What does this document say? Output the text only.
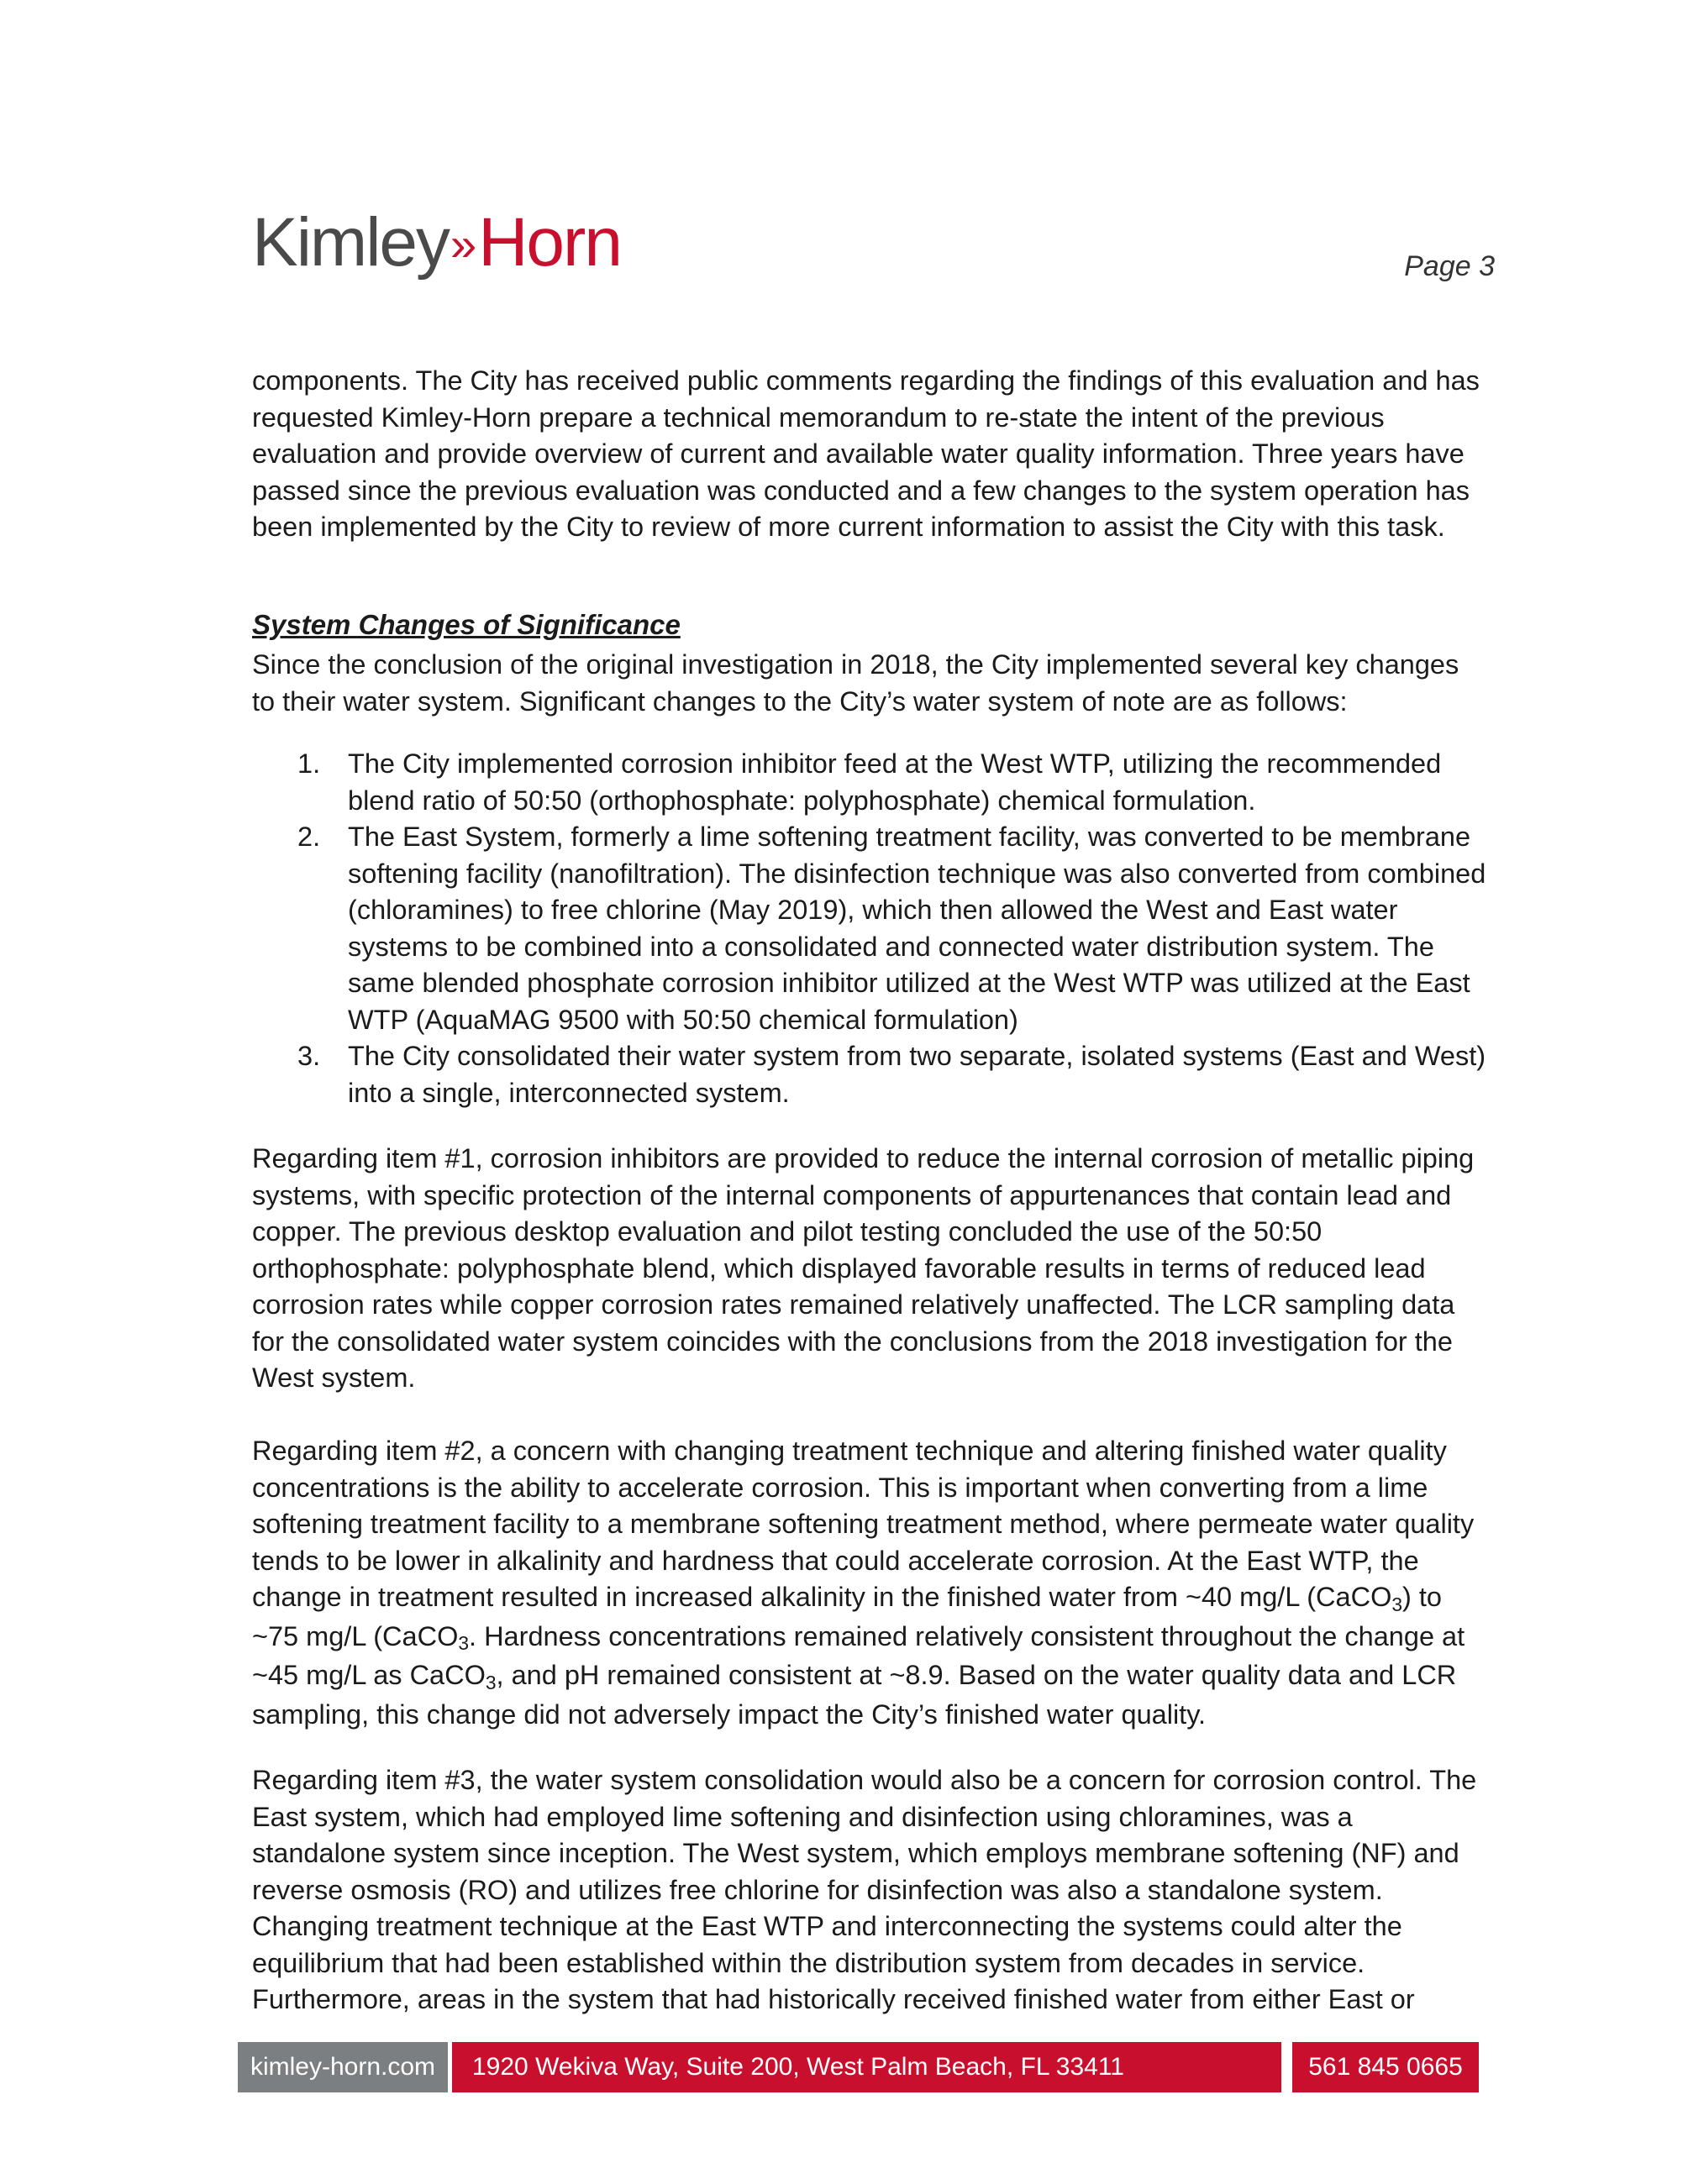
Kimley» Horn	Page 3

components. The City has received public comments regarding the findings of this evaluation and has requested Kimley-Horn prepare a technical memorandum to re-state the intent of the previous evaluation and provide overview of current and available water quality information. Three years have passed since the previous evaluation was conducted and a few changes to the system operation has been implemented by the City to review of more current information to assist the City with this task.

System Changes of Significance

Since the conclusion of the original investigation in 2018, the City implemented several key changes to their water system. Significant changes to the City’s water system of note are as follows:

1. The City implemented corrosion inhibitor feed at the West WTP, utilizing the recommended blend ratio of 50:50 (orthophosphate: polyphosphate) chemical formulation.
2. The East System, formerly a lime softening treatment facility, was converted to be membrane softening facility (nanofiltration). The disinfection technique was also converted from combined (chloramines) to free chlorine (May 2019), which then allowed the West and East water systems to be combined into a consolidated and connected water distribution system. The same blended phosphate corrosion inhibitor utilized at the West WTP was utilized at the East WTP (AquaMAG 9500 with 50:50 chemical formulation)
3. The City consolidated their water system from two separate, isolated systems (East and West) into a single, interconnected system.

Regarding item #1, corrosion inhibitors are provided to reduce the internal corrosion of metallic piping systems, with specific protection of the internal components of appurtenances that contain lead and copper. The previous desktop evaluation and pilot testing concluded the use of the 50:50 orthophosphate: polyphosphate blend, which displayed favorable results in terms of reduced lead corrosion rates while copper corrosion rates remained relatively unaffected. The LCR sampling data for the consolidated water system coincides with the conclusions from the 2018 investigation for the West system.

Regarding item #2, a concern with changing treatment technique and altering finished water quality concentrations is the ability to accelerate corrosion. This is important when converting from a lime softening treatment facility to a membrane softening treatment method, where permeate water quality tends to be lower in alkalinity and hardness that could accelerate corrosion. At the East WTP, the change in treatment resulted in increased alkalinity in the finished water from ~40 mg/L (CaCO$_3$) to ~75 mg/L (CaCO$_3$. Hardness concentrations remained relatively consistent throughout the change at ~45 mg/L as CaCO$_3$, and pH remained consistent at ~8.9. Based on the water quality data and LCR sampling, this change did not adversely impact the City’s finished water quality.

Regarding item #3, the water system consolidation would also be a concern for corrosion control. The East system, which had employed lime softening and disinfection using chloramines, was a standalone system since inception. The West system, which employs membrane softening (NF) and reverse osmosis (RO) and utilizes free chlorine for disinfection was also a standalone system. Changing treatment technique at the East WTP and interconnecting the systems could alter the equilibrium that had been established within the distribution system from decades in service. Furthermore, areas in the system that had historically received finished water from either East or

kimley-horn.com	1920 Wekiva Way, Suite 200, West Palm Beach, FL 33411	561 845 0665
